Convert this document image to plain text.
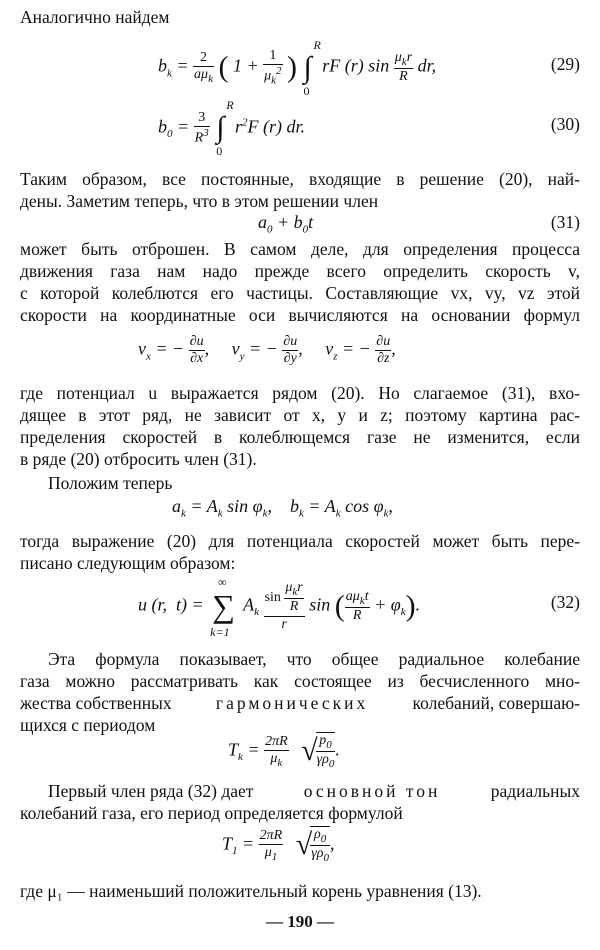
Аналогично найдем
$b_k = \frac{2}{a\mu_k}$ ( $1 + \frac{1}{\mu_k^2}$ ) ∫
R
0
rF (r) $\sin \frac{\mu_kr}{R}$ dr,	(29)
$b_0 = \frac{3}{R^3}$ ∫
R
0
$r^2F$ (r) dr.	(30)
Таким образом, все постоянные, входящие в решение (20), най-
дены. Заметим теперь, что в этом решении член
$a_0 + b_0t$	(31)
может быть отброшен. В самом деле, для определения процесса
движения газа нам надо прежде всего определить скорость v,
с которой колеблются его частицы. Составляющие vx, vy, vz этой
скорости на координатные оси вычисляются на основании формул
$v_x$ = − $\frac{\partial u}{\partial x}$ ,     $v_y$ = − $\frac{\partial u}{\partial y}$ ,     $v_z$ = − $\frac{\partial u}{\partial z}$ ,
где потенциал u выражается рядом (20). Но слагаемое (31), вхо-
дящее в этот ряд, не зависит от x, y и z; поэтому картина рас-
пределения скоростей в колеблющемся газе не изменится, если
в ряде (20) отбросить член (31).
Положим теперь
$a_k = A_k$ $\sin \varphi_k$,    $b_k = A_k$ $\cos \varphi_k$,
тогда выражение (20) для потенциала скоростей может быть пере-
писано следующим образом:
u (r,  t) = ∑
∞
k=1
$A_k \frac{\sin \frac{\mu_kr}{R}}{r}$ sin ( $\frac{a\mu_kt}{R} + \varphi_k$).	(32)
Эта формула показывает, что общее радиальное колебание
газа можно рассматривать как состоящее из бесчисленного мно-
жества собственных	гармонических	колебаний, совершаю-
щихся с периодом
$T_k = \frac{2\pi R}{\mu_k}$ √
$\frac{p_0}{\gamma\rho_0}$ .
Первый член ряда (32) дает	основной тон	радиальных
колебаний газа, его период определяется формулой
$T_1 = \frac{2\pi R}{\mu_1}$ √
$\frac{\rho_0}{\gamma\rho_0}$ ,
где μ₁ — наименьший положительный корень уравнения (13).
— 190 —
